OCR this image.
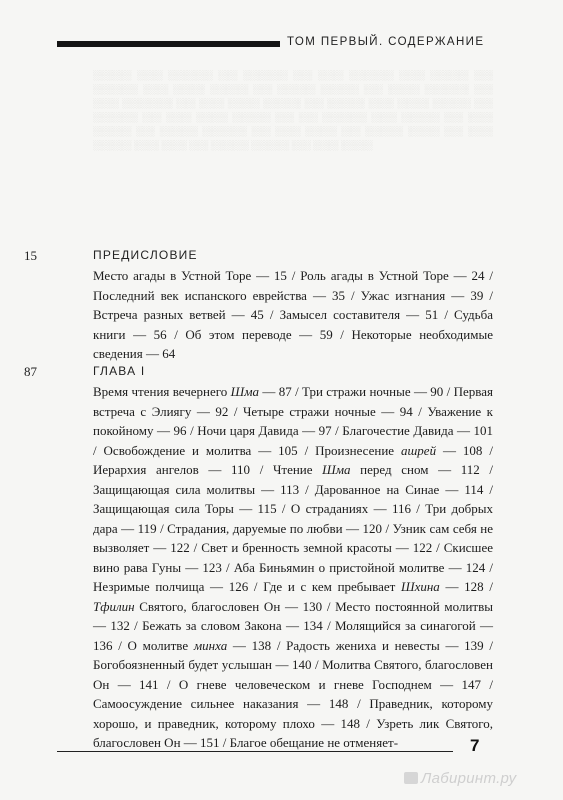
ТОМ ПЕРВЫЙ. СОДЕРЖАНИЕ
░░░░░░ ░░░░ ░░░░░░░ ░░░ ░░░░░░░ ░░░ ░░░░ ░░░░░░░ ░░░░ ░░░░░░ ░░░ ░░░░░░░ ░░░░ ░░░░░ ░░░░░░ ░░░ ░░░░░░ ░░░░░░ ░░░ ░░░░░ ░░░░░░░ ░░░ ░░░░ ░░░░░░░░ ░░░ ░░░░ ░░░░░ ░░░░░░ ░░░ ░░░░░░ ░░░░ ░░░░░ ░░░░░░ ░░░ ░░░░░░░ ░░░ ░░░░ ░░░░░ ░░░░░░ ░░░ ░░░ ░░░░░░░ ░░░░ ░░░░░░ ░░░ ░░░░ ░░░░░░ ░░░ ░░░░░░ ░░░░░░░ ░░░ ░░░░ ░░░░░ ░░░ ░░░░░░ ░░░░░ ░░░ ░░░░ ░░░░░░ ░░░░ ░░░░ ░░░ ░░░░░░ ░░░░░░ ░░░ ░░░░ ░░░░░
15	ПРЕДИСЛОВИЕ
Место агады в Устной Торе — 15 / Роль агады в Устной Торе — 24 / Последний век испанского еврейства — 35 / Ужас изгнания — 39 / Встреча разных ветвей — 45 / Замысел составителя — 51 / Судьба книги — 56 / Об этом переводе — 59 / Некоторые необходимые сведения — 64
87	ГЛАВА I
Время чтения вечернего Шма — 87 / Три стражи ночные — 90 / Первая встреча с Элиягу — 92 / Четыре стражи ночные — 94 / Уважение к покойному — 96 / Ночи царя Давида — 97 / Благочестие Давида — 101 / Освобождение и молитва — 105 / Произнесение ашрей — 108 / Иерархия ангелов — 110 / Чтение Шма перед сном — 112 / Защищающая сила молитвы — 113 / Дарованное на Синае — 114 / Защищающая сила Торы — 115 / О страданиях — 116 / Три добрых дара — 119 / Страдания, даруемые по любви — 120 / Узник сам себя не вызволяет — 122 / Свет и бренность земной красоты — 122 / Скисшее вино рава Гуны — 123 / Аба Биньямин о пристойной молитве — 124 / Незримые полчища — 126 / Где и с кем пребывает Шхина — 128 / Тфилин Святого, благословен Он — 130 / Место постоянной молитвы — 132 / Бежать за словом Закона — 134 / Молящийся за синагогой — 136 / О молитве минха — 138 / Радость жениха и невесты — 139 / Богобоязненный будет услышан — 140 / Молитва Святого, благословен Он — 141 / О гневе человеческом и гневе Господнем — 147 / Самоосуждение сильнее наказания — 148 / Праведник, которому хорошо, и праведник, которому плохо — 148 / Узреть лик Святого, благословен Он — 151 / Благое обещание не отменяет-	7
Лабиринт.ру
